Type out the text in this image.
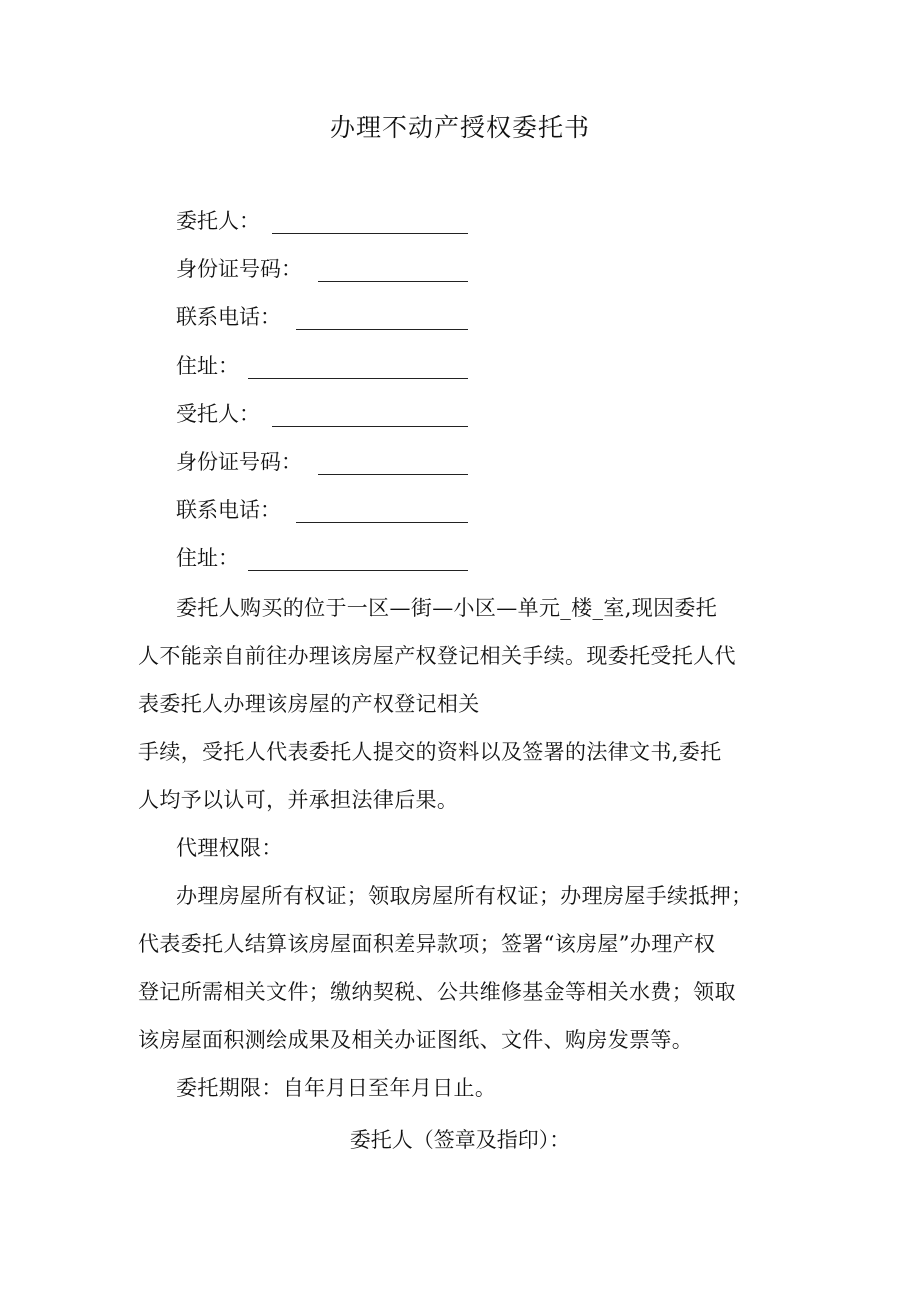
办理不动产授权委托书
委托人：
身份证号码：
联系电话：
住址：
受托人：
身份证号码：
联系电话：
住址：
委托人购买的位于一区—街—小区—单元_楼_室,现因委托
人不能亲自前往办理该房屋产权登记相关手续。现委托受托人代
表委托人办理该房屋的产权登记相关
手续，受托人代表委托人提交的资料以及签署的法律文书,委托
人均予以认可，并承担法律后果。
代理权限：
办理房屋所有权证；领取房屋所有权证；办理房屋手续抵押；
代表委托人结算该房屋面积差异款项；签署“该房屋”办理产权
登记所需相关文件；缴纳契税、公共维修基金等相关水费；领取
该房屋面积测绘成果及相关办证图纸、文件、购房发票等。
委托期限：自年月日至年月日止。
委托人（签章及指印）：
